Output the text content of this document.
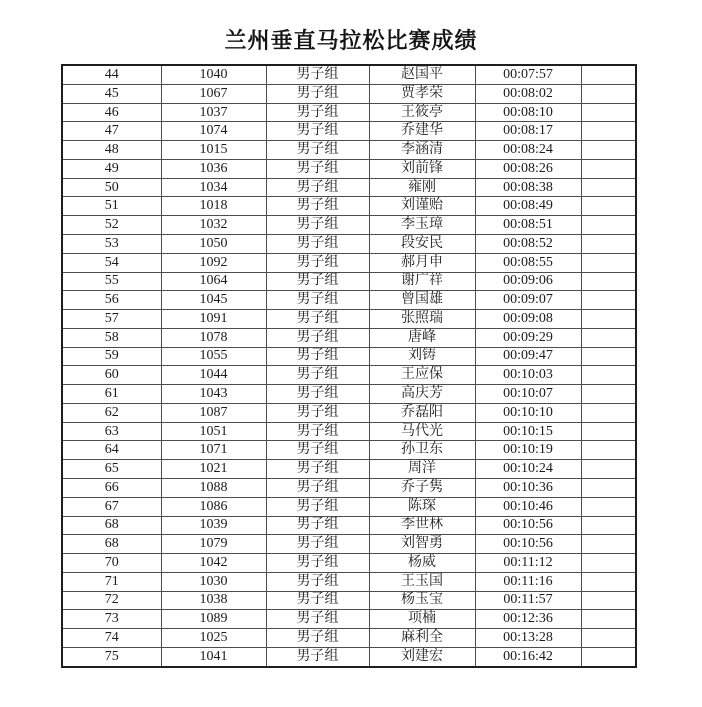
兰州垂直马拉松比赛成绩
44	1040	男子组	赵国平	00:07:57	
45	1067	男子组	贾孝荣	00:08:02	
46	1037	男子组	王筱亭	00:08:10	
47	1074	男子组	乔建华	00:08:17	
48	1015	男子组	李涵清	00:08:24	
49	1036	男子组	刘前锋	00:08:26	
50	1034	男子组	雍刚	00:08:38	
51	1018	男子组	刘谨贻	00:08:49	
52	1032	男子组	李玉璋	00:08:51	
53	1050	男子组	段安民	00:08:52	
54	1092	男子组	郝月申	00:08:55	
55	1064	男子组	谢广祥	00:09:06	
56	1045	男子组	曾国雄	00:09:07	
57	1091	男子组	张照瑞	00:09:08	
58	1078	男子组	唐峰	00:09:29	
59	1055	男子组	刘铸	00:09:47	
60	1044	男子组	王应保	00:10:03	
61	1043	男子组	高庆芳	00:10:07	
62	1087	男子组	乔磊阳	00:10:10	
63	1051	男子组	马代光	00:10:15	
64	1071	男子组	孙卫东	00:10:19	
65	1021	男子组	周洋	00:10:24	
66	1088	男子组	乔子隽	00:10:36	
67	1086	男子组	陈琛	00:10:46	
68	1039	男子组	李世林	00:10:56	
68	1079	男子组	刘智勇	00:10:56	
70	1042	男子组	杨威	00:11:12	
71	1030	男子组	王玉国	00:11:16	
72	1038	男子组	杨玉宝	00:11:57	
73	1089	男子组	项楠	00:12:36	
74	1025	男子组	麻利全	00:13:28	
75	1041	男子组	刘建宏	00:16:42	
